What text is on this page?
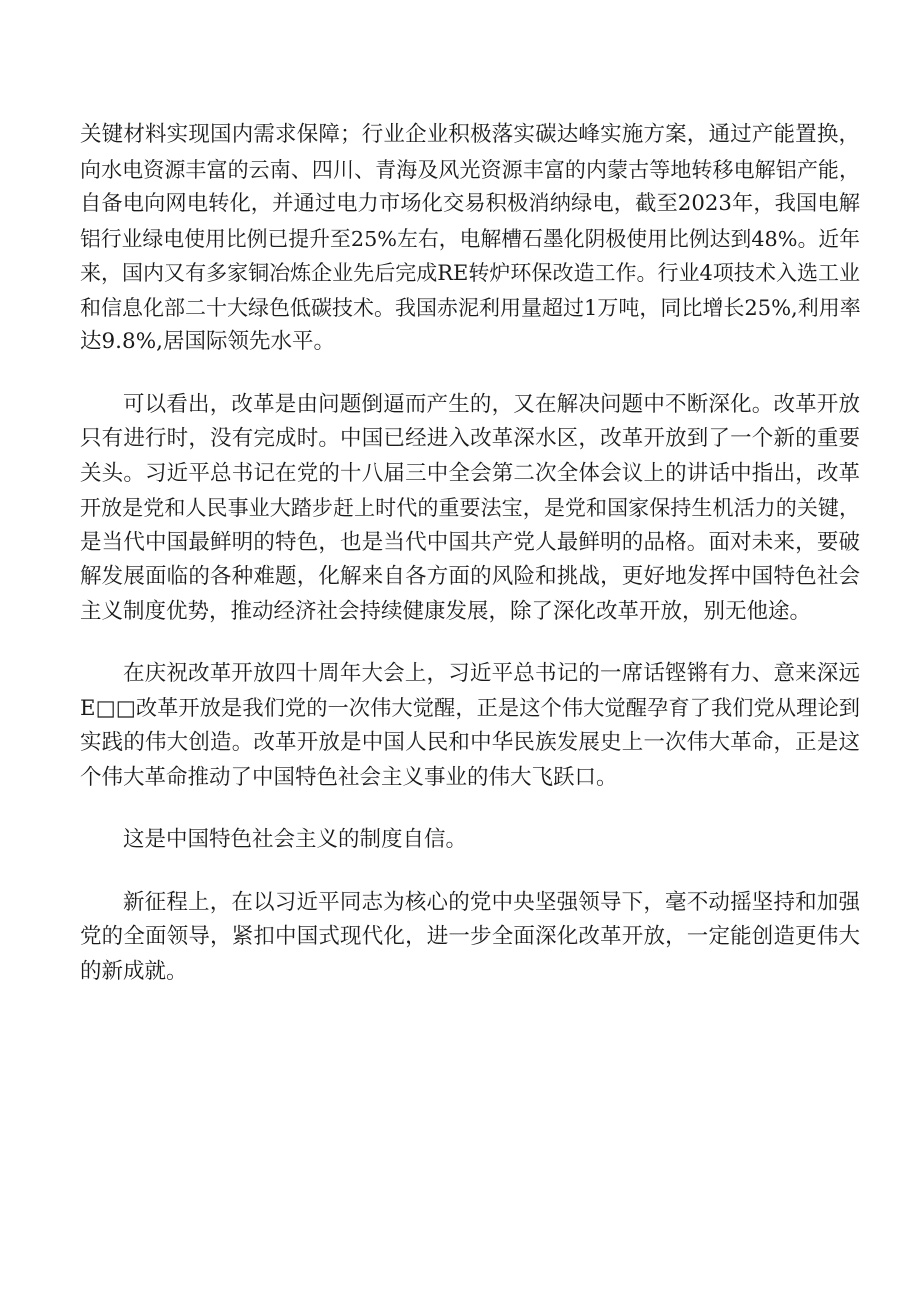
关键材料实现国内需求保障；行业企业积极落实碳达峰实施方案，通过产能置换，
向水电资源丰富的云南、四川、青海及风光资源丰富的内蒙古等地转移电解铝产能，
自备电向网电转化，并通过电力市场化交易积极消纳绿电，截至2023年，我国电解
铝行业绿电使用比例已提升至25%左右，电解槽石墨化阴极使用比例达到48%。近年
来，国内又有多家铜冶炼企业先后完成RE转炉环保改造工作。行业4项技术入选工业
和信息化部二十大绿色低碳技术。我国赤泥利用量超过1万吨，同比增长25%,利用率
达9.8%,居国际领先水平。
可以看出，改革是由问题倒逼而产生的，又在解决问题中不断深化。改革开放
只有进行时，没有完成时。中国已经进入改革深水区，改革开放到了一个新的重要
关头。习近平总书记在党的十八届三中全会第二次全体会议上的讲话中指出，改革
开放是党和人民事业大踏步赶上时代的重要法宝，是党和国家保持生机活力的关键，
是当代中国最鲜明的特色，也是当代中国共产党人最鲜明的品格。面对未来，要破
解发展面临的各种难题，化解来自各方面的风险和挑战，更好地发挥中国特色社会
主义制度优势，推动经济社会持续健康发展，除了深化改革开放，别无他途。
在庆祝改革开放四十周年大会上，习近平总书记的一席话铿锵有力、意来深远
E□□改革开放是我们党的一次伟大觉醒，正是这个伟大觉醒孕育了我们党从理论到
实践的伟大创造。改革开放是中国人民和中华民族发展史上一次伟大革命，正是这
个伟大革命推动了中国特色社会主义事业的伟大飞跃口。
这是中国特色社会主义的制度自信。
新征程上，在以习近平同志为核心的党中央坚强领导下，毫不动摇坚持和加强
党的全面领导，紧扣中国式现代化，进一步全面深化改革开放，一定能创造更伟大
的新成就。
